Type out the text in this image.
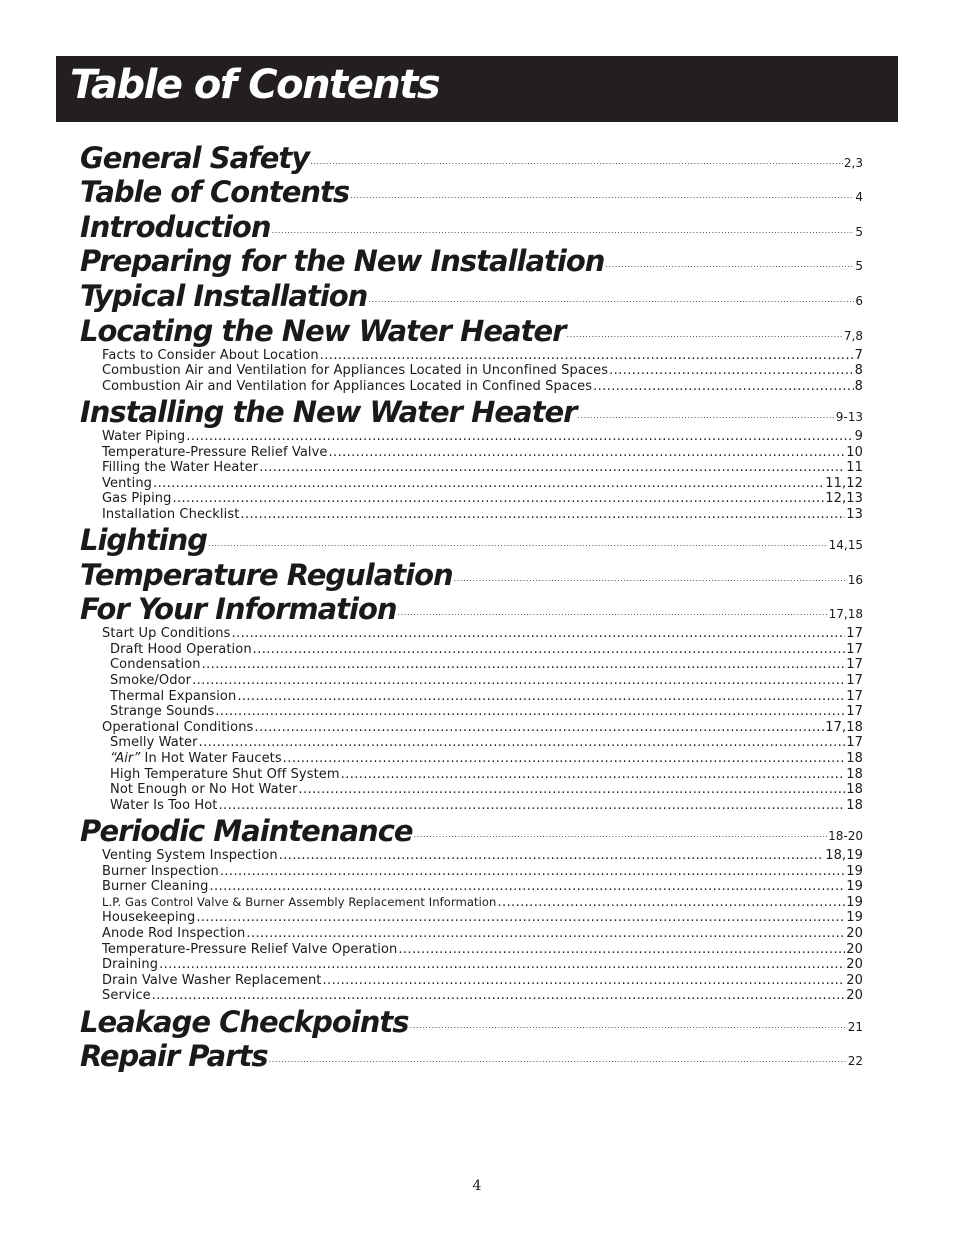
Table of Contents
General Safety .....	2,3
Table of Contents .....	4
Introduction .....	5
Preparing for the New Installation .....	5
Typical Installation .....	6
Locating the New Water Heater .....	7,8
Facts to Consider About Location .....	7
Combustion Air and Ventilation for Appliances Located in Unconfined Spaces .....	8
Combustion Air and Ventilation for Appliances Located in Confined Spaces .....	8
Installing the New Water Heater .....	9-13
Water Piping .....	9
Temperature-Pressure Relief Valve .....	10
Filling the Water Heater .....	11
Venting .....	11,12
Gas Piping .....	12,13
Installation Checklist .....	13
Lighting .....	14,15
Temperature Regulation .....	16
For Your Information .....	17,18
Start Up Conditions .....	17
Draft Hood Operation .....	17
Condensation .....	17
Smoke/Odor .....	17
Thermal Expansion .....	17
Strange Sounds .....	17
Operational Conditions .....	17,18
Smelly Water .....	17
“Air” In Hot Water Faucets .....	18
High Temperature Shut Off System .....	18
Not Enough or No Hot Water .....	18
Water Is Too Hot .....	18
Periodic Maintenance .....	18-20
Venting System Inspection .....	18,19
Burner Inspection .....	19
Burner Cleaning .....	19
L.P. Gas Control Valve & Burner Assembly Replacement Information .....	19
Housekeeping .....	19
Anode Rod Inspection .....	20
Temperature-Pressure Relief Valve Operation .....	20
Draining .....	20
Drain Valve Washer Replacement .....	20
Service .....	20
Leakage Checkpoints .....	21
Repair Parts .....	22
4
